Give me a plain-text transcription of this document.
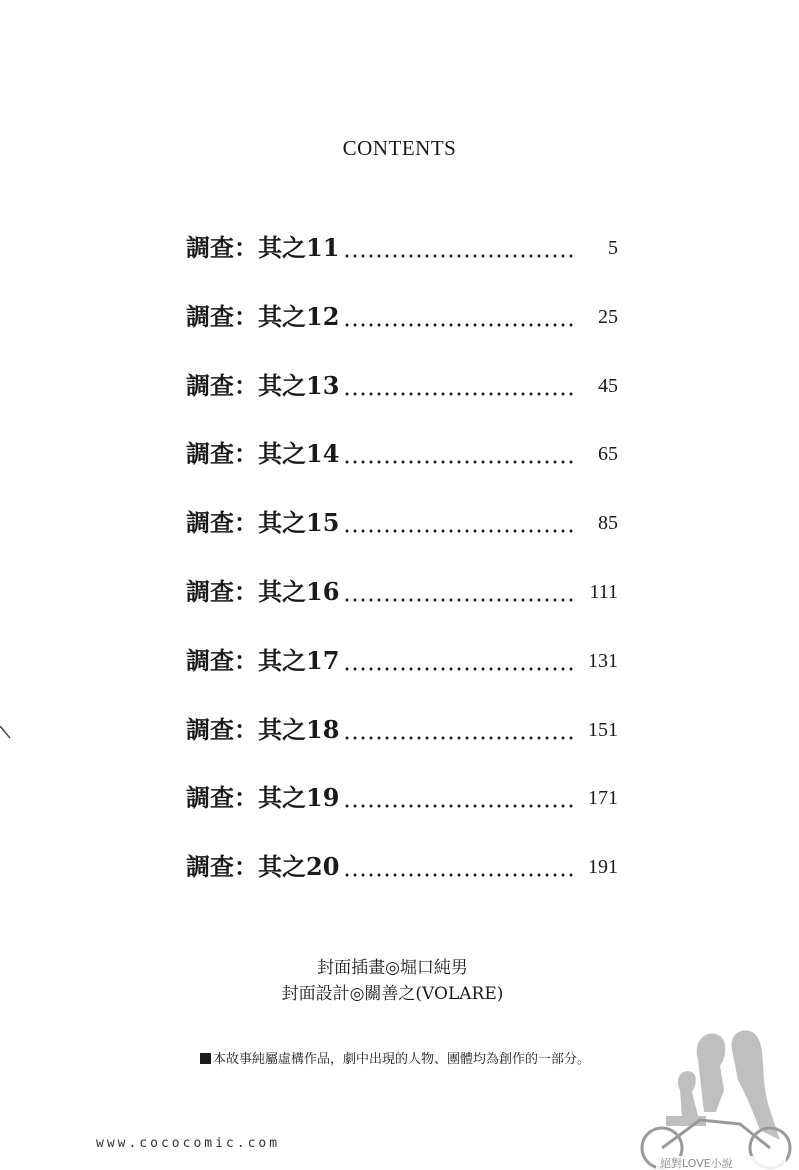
CONTENTS
調查：其之11	5
調查：其之12	25
調查：其之13	45
調查：其之14	65
調查：其之15	85
調查：其之16	111
調查：其之17	131
調查：其之18	151
調查：其之19	171
調查：其之20	191
封面插畫◎堀口純男
封面設計◎關善之(VOLARE)
本故事純屬虛構作品，劇中出現的人物、團體均為創作的一部分。
www.cococomic.com
絕對LOVE小說
